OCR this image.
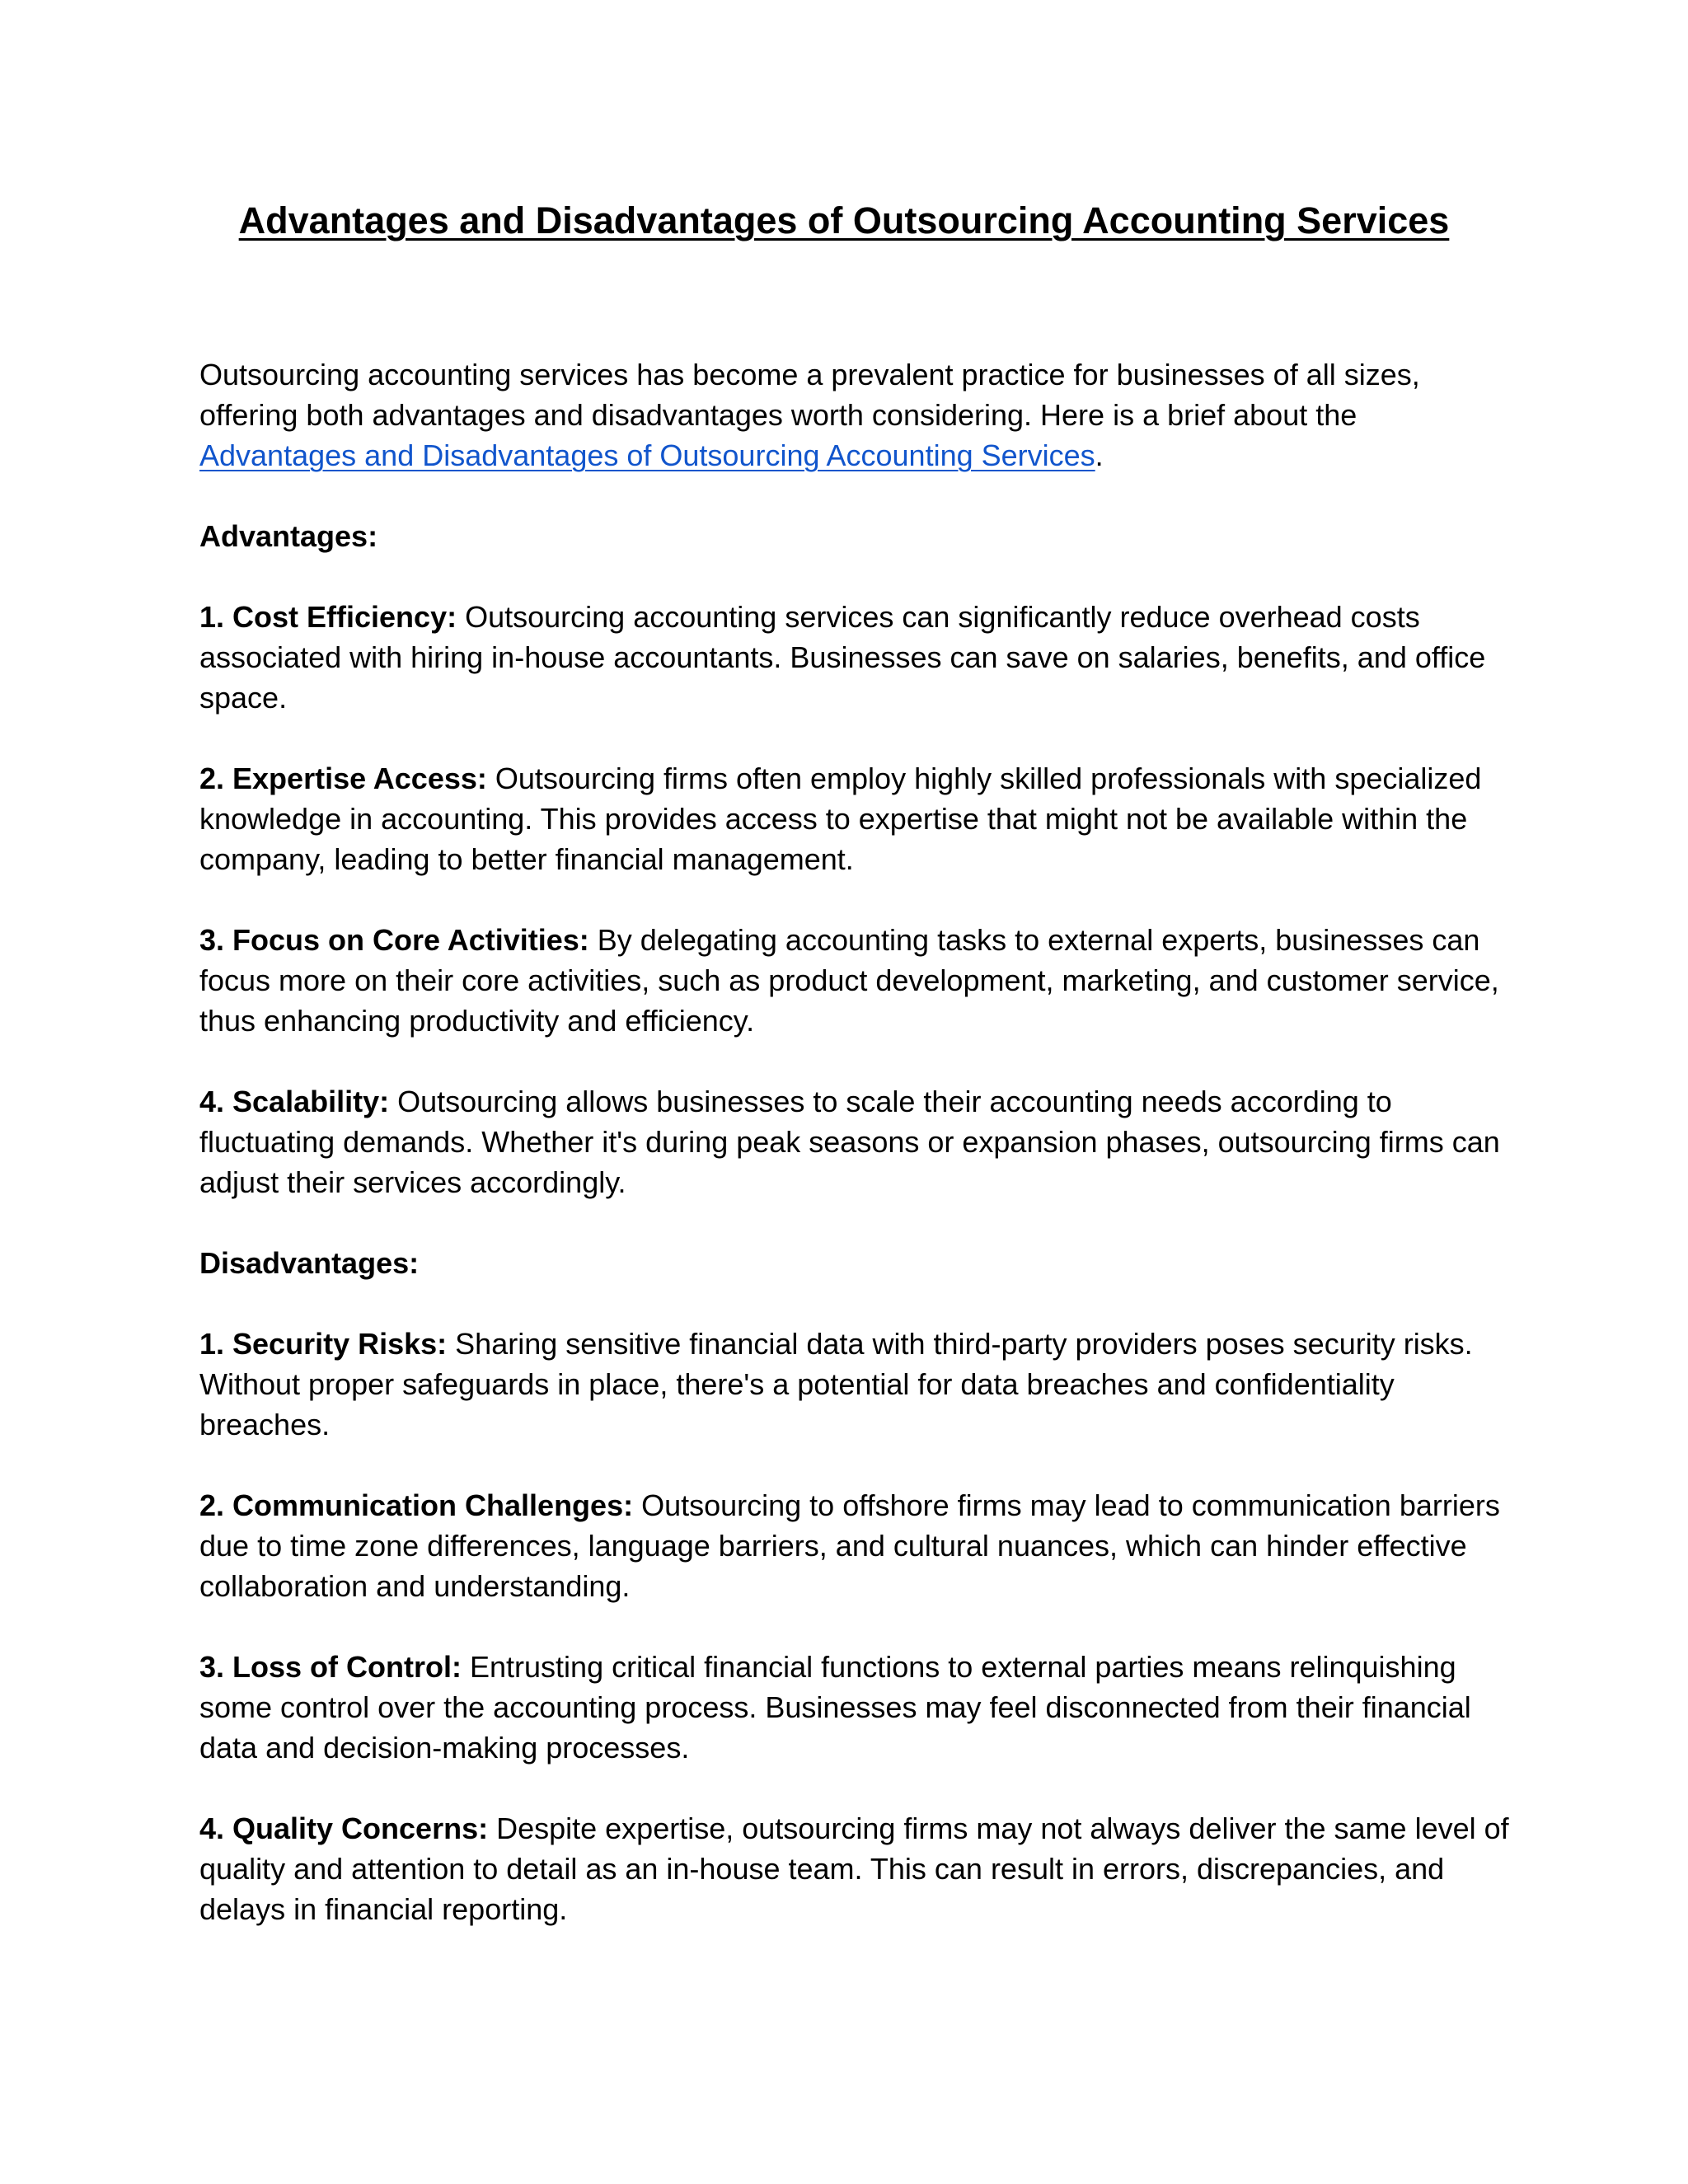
Advantages and Disadvantages of Outsourcing Accounting Services

Outsourcing accounting services has become a prevalent practice for businesses of all sizes, offering both advantages and disadvantages worth considering. Here is a brief about the Advantages and Disadvantages of Outsourcing Accounting Services.

Advantages:

1. Cost Efficiency: Outsourcing accounting services can significantly reduce overhead costs associated with hiring in-house accountants. Businesses can save on salaries, benefits, and office space.

2. Expertise Access: Outsourcing firms often employ highly skilled professionals with specialized knowledge in accounting. This provides access to expertise that might not be available within the company, leading to better financial management.

3. Focus on Core Activities: By delegating accounting tasks to external experts, businesses can focus more on their core activities, such as product development, marketing, and customer service, thus enhancing productivity and efficiency.

4. Scalability: Outsourcing allows businesses to scale their accounting needs according to fluctuating demands. Whether it's during peak seasons or expansion phases, outsourcing firms can adjust their services accordingly.

Disadvantages:

1. Security Risks: Sharing sensitive financial data with third-party providers poses security risks. Without proper safeguards in place, there's a potential for data breaches and confidentiality breaches.

2. Communication Challenges: Outsourcing to offshore firms may lead to communication barriers due to time zone differences, language barriers, and cultural nuances, which can hinder effective collaboration and understanding.

3. Loss of Control: Entrusting critical financial functions to external parties means relinquishing some control over the accounting process. Businesses may feel disconnected from their financial data and decision-making processes.

4. Quality Concerns: Despite expertise, outsourcing firms may not always deliver the same level of quality and attention to detail as an in-house team. This can result in errors, discrepancies, and delays in financial reporting.
